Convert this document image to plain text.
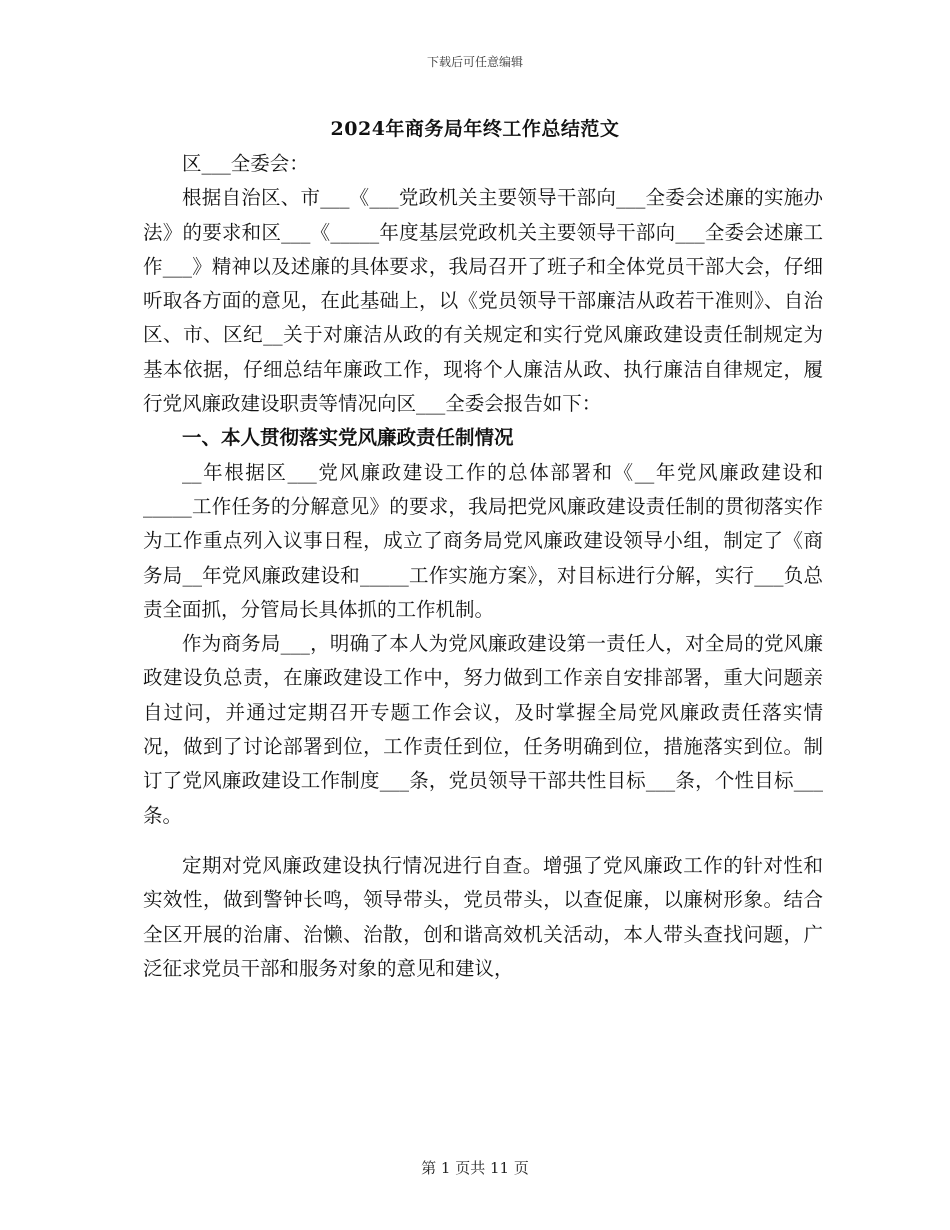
下载后可任意编辑
2024年商务局年终工作总结范文

区___全委会：

根据自治区、市___《___党政机关主要领导干部向___全委会述廉的实施办法》的要求和区___《_____年度基层党政机关主要领导干部向___全委会述廉工作___》精神以及述廉的具体要求，我局召开了班子和全体党员干部大会，仔细听取各方面的意见，在此基础上，以《党员领导干部廉洁从政若干准则》、自治区、市、区纪__关于对廉洁从政的有关规定和实行党风廉政建设责任制规定为基本依据，仔细总结年廉政工作，现将个人廉洁从政、执行廉洁自律规定，履行党风廉政建设职责等情况向区___全委会报告如下：

一、本人贯彻落实党风廉政责任制情况

__年根据区___党风廉政建设工作的总体部署和《__年党风廉政建设和_____工作任务的分解意见》的要求，我局把党风廉政建设责任制的贯彻落实作为工作重点列入议事日程，成立了商务局党风廉政建设领导小组，制定了《商务局__年党风廉政建设和_____工作实施方案》，对目标进行分解，实行___负总责全面抓，分管局长具体抓的工作机制。

作为商务局___，明确了本人为党风廉政建设第一责任人，对全局的党风廉政建设负总责，在廉政建设工作中，努力做到工作亲自安排部署，重大问题亲自过问，并通过定期召开专题工作会议，及时掌握全局党风廉政责任落实情况，做到了讨论部署到位，工作责任到位，任务明确到位，措施落实到位。制订了党风廉政建设工作制度___条，党员领导干部共性目标___条，个性目标___条。

定期对党风廉政建设执行情况进行自查。增强了党风廉政工作的针对性和实效性，做到警钟长鸣，领导带头，党员带头，以查促廉，以廉树形象。结合全区开展的治庸、治懒、治散，创和谐高效机关活动，本人带头查找问题，广泛征求党员干部和服务对象的意见和建议，

第 1 页共 11 页
